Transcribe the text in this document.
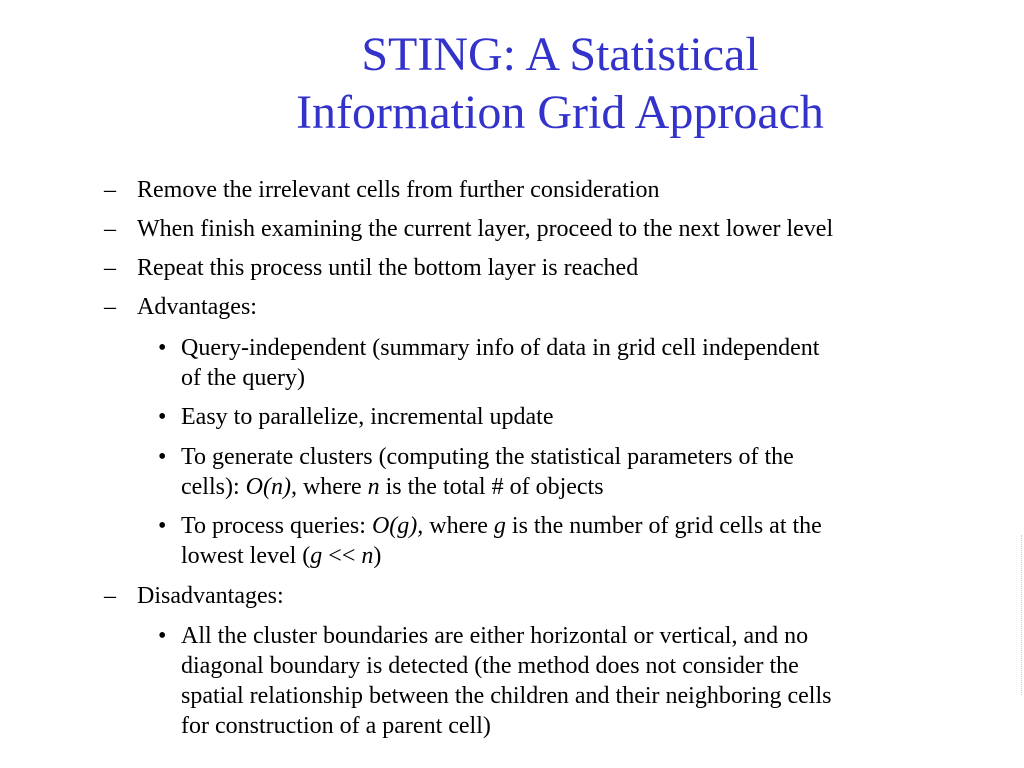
STING: A Statistical
Information Grid Approach
– Remove the irrelevant cells from further consideration
– When finish examining the current layer, proceed to the next lower level
– Repeat this process until the bottom layer is reached
– Advantages:
• Query-independent (summary info of data in grid cell independent
of the query)
• Easy to parallelize, incremental update
• To generate clusters (computing the statistical parameters of the
cells): O(n), where n is the total # of objects
• To process queries: O(g), where g is the number of grid cells at the
lowest level (g << n)
– Disadvantages:
• All the cluster boundaries are either horizontal or vertical, and no
diagonal boundary is detected (the method does not consider the
spatial relationship between the children and their neighboring cells
for construction of a parent cell)
